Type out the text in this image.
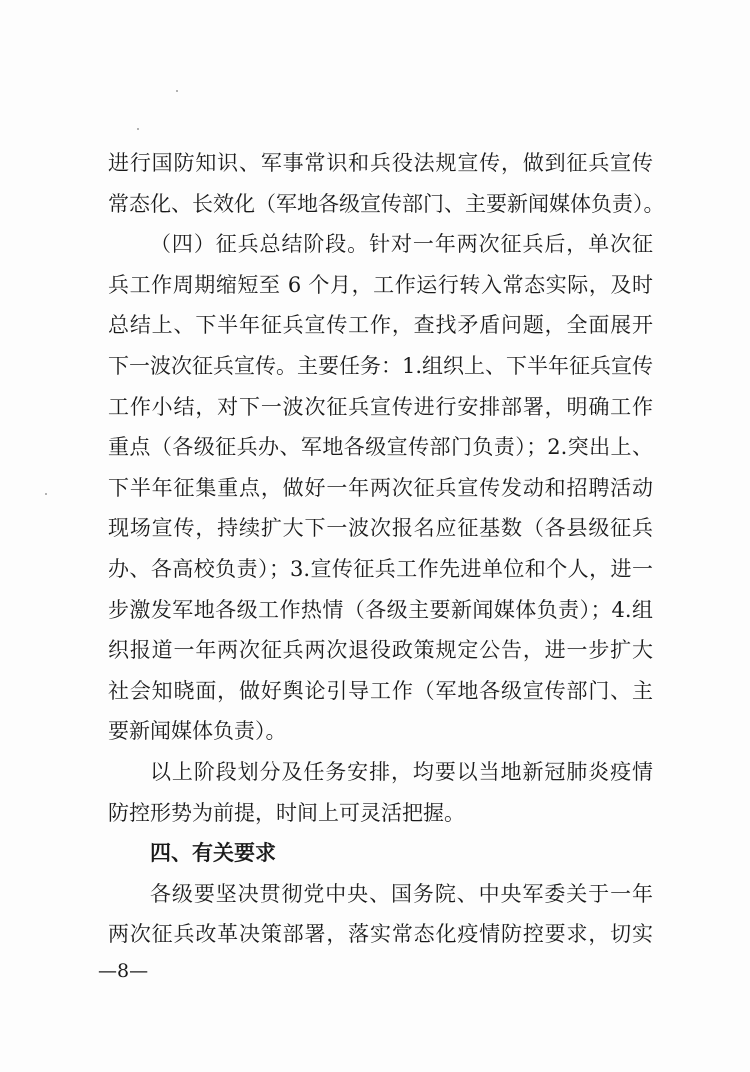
进行国防知识、军事常识和兵役法规宣传，做到征兵宣传
常态化、长效化（军地各级宣传部门、主要新闻媒体负责）。
（四）征兵总结阶段。针对一年两次征兵后，单次征
兵工作周期缩短至 6 个月，工作运行转入常态实际，及时
总结上、下半年征兵宣传工作，查找矛盾问题，全面展开
下一波次征兵宣传。主要任务：1.组织上、下半年征兵宣传
工作小结，对下一波次征兵宣传进行安排部署，明确工作
重点（各级征兵办、军地各级宣传部门负责）；2.突出上、
下半年征集重点，做好一年两次征兵宣传发动和招聘活动
现场宣传，持续扩大下一波次报名应征基数（各县级征兵
办、各高校负责）；3.宣传征兵工作先进单位和个人，进一
步激发军地各级工作热情（各级主要新闻媒体负责）；4.组
织报道一年两次征兵两次退役政策规定公告，进一步扩大
社会知晓面，做好舆论引导工作（军地各级宣传部门、主
要新闻媒体负责）。
以上阶段划分及任务安排，均要以当地新冠肺炎疫情
防控形势为前提，时间上可灵活把握。
四、有关要求
各级要坚决贯彻党中央、国务院、中央军委关于一年
两次征兵改革决策部署，落实常态化疫情防控要求，切实
—8—
